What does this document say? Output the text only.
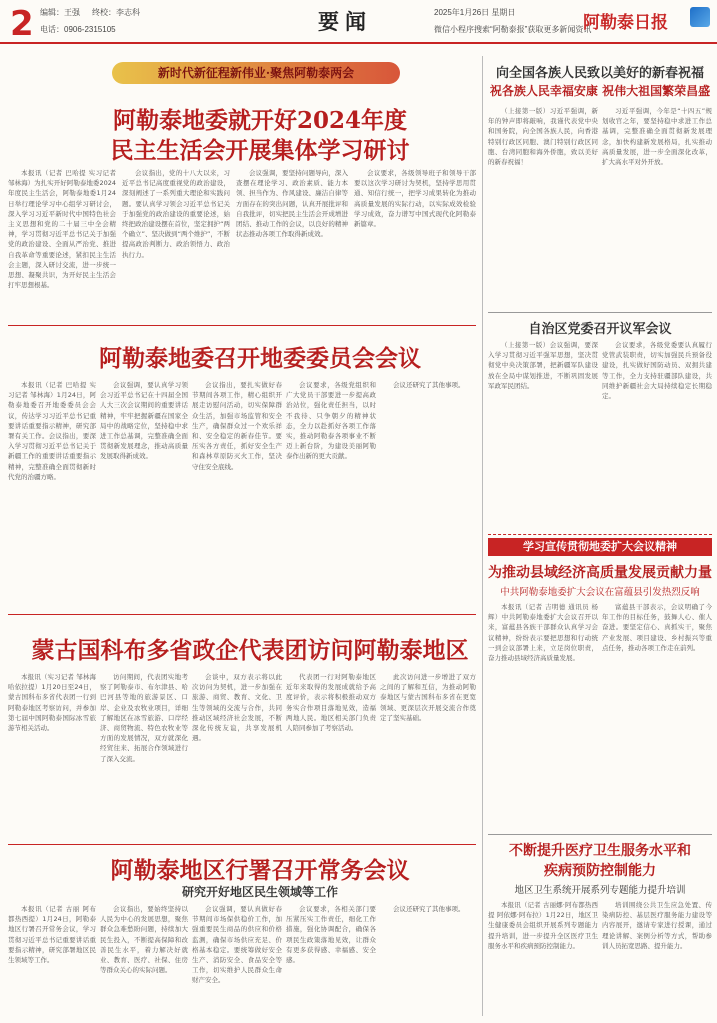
2 编辑：王强 终校：李志科
电话：0906-2315105	要闻	2025年1月26日 星期日
微信小程序搜索“阿勒泰报”获取更多新闻资讯
阿勒泰日报
新时代新征程新伟业·聚焦阿勒泰两会
阿勒泰地委就开好2024年度
民主生活会开展集体学习研讨
本报讯（记者 巴哈提 实习记者 邹林海）为扎实开好阿勒泰地委2024年度民主生活会，阿勒泰地委1月24日举行理论学习中心组学习研讨会，深入学习习近平新时代中国特色社会主义思想和党的二十届三中全会精神，学习贯彻习近平总书记关于加强党的政治建设、全面从严治党、推进自我革命等重要论述，紧扣民主生活会主题，深入研讨交流，进一步统一思想、凝聚共识，为开好民主生活会打牢思想根基。
会议指出，党的十八大以来，习近平总书记高度重视党的政治建设，深刻阐述了一系列重大理论和实践问题。要认真学习领会习近平总书记关于加强党的政治建设的重要论述，始终把政治建设摆在首位，坚定拥护“两个确立”、坚决做到“两个维护”，不断提高政治判断力、政治领悟力、政治执行力。
会议强调，要坚持问题导向，深入查摆在理论学习、政治素质、能力本领、担当作为、作风建设、廉洁自律等方面存在的突出问题，认真开展批评和自我批评，切实把民主生活会开成增进团结、推动工作的会议，以良好的精神状态推动各项工作取得新成效。
会议要求，各级领导班子和领导干部要以这次学习研讨为契机，坚持学思用贯通、知信行统一，把学习成果转化为推动高质量发展的实际行动，以实际成效检验学习成效，奋力谱写中国式现代化阿勒泰新篇章。
阿勒泰地委召开地委委员会会议
本报讯（记者 巴哈提 实习记者 邹林海）1月24日，阿勒泰地委召开地委委员会会议，传达学习习近平总书记重要讲话重要指示精神，研究部署有关工作。会议指出，要深入学习贯彻习近平总书记关于新疆工作的重要讲话重要指示精神，完整准确全面贯彻新时代党的治疆方略。
会议强调，要认真学习领会习近平总书记在十四届全国人大三次会议期间的重要讲话精神，牢牢把握新疆在国家全局中的战略定位，坚持稳中求进工作总基调，完整准确全面贯彻新发展理念，推动高质量发展取得新成效。
会议指出，要扎实做好春节期间各项工作，精心组织开展走访慰问活动，切实保障群众生活，加强市场监管和安全生产，确保群众过一个欢乐祥和、安全稳定的新春佳节。要压实各方责任，抓好安全生产和森林草原防灭火工作，坚决守住安全底线。
会议要求，各级党组织和广大党员干部要进一步提高政治站位，强化责任担当，以时不我待、只争朝夕的精神状态，全力以赴抓好各项工作落实，推动阿勒泰各项事业不断迈上新台阶，为建设美丽阿勒泰作出新的更大贡献。
会议还研究了其他事项。
蒙古国科布多省政企代表团访问阿勒泰地区
本报讯（实习记者 邹林海 哈依拉提）1月20日至24日，蒙古国科布多省代表团一行到阿勒泰地区考察访问，并参加第七届中国阿勒泰国际冰雪旅游节相关活动。
访问期间，代表团实地考察了阿勒泰市、布尔津县、哈巴河县等地的旅游景区、口岸、企业及农牧业项目，详细了解地区在冰雪旅游、口岸经济、商贸物流、特色农牧业等方面的发展情况，双方就深化经贸往来、拓展合作领域进行了深入交流。
会谈中，双方表示将以此次访问为契机，进一步加强在旅游、商贸、教育、文化、卫生等领域的交流与合作，共同推动区域经济社会发展，不断深化传统友谊，共享发展机遇。
代表团一行对阿勒泰地区近年来取得的发展成就给予高度评价，表示将积极推动双方务实合作项目落地见效，造福两地人民。地区相关部门负责人陪同参加了考察活动。
此次访问进一步增进了双方之间的了解和互信，为推动阿勒泰地区与蒙古国科布多省在更宽领域、更深层次开展交流合作奠定了坚实基础。
阿勒泰地区行署召开常务会议
研究开好地区民生领域等工作
本报讯（记者 古丽 阿布都热西提）1月24日，阿勒泰地区行署召开常务会议，学习贯彻习近平总书记重要讲话重要指示精神，研究部署地区民生领域等工作。
会议指出，要始终坚持以人民为中心的发展思想，聚焦群众急难愁盼问题，持续加大民生投入，不断提高保障和改善民生水平，着力解决好就业、教育、医疗、社保、住房等群众关心的实际问题。
会议强调，要认真做好春节期间市场保供稳价工作，加强重要民生商品的供应和价格监测，确保市场供应充足、价格基本稳定。要统筹做好安全生产、消防安全、食品安全等工作，切实维护人民群众生命财产安全。
会议要求，各相关部门要压紧压实工作责任，细化工作措施，强化协调配合，确保各项民生政策落地见效，让群众有更多获得感、幸福感、安全感。
会议还研究了其他事项。
向全国各族人民致以美好的新春祝福
祝各族人民幸福安康 祝伟大祖国繁荣昌盛
（上接第一版）习近平强调，新年的钟声即将敲响，我谨代表党中央和国务院，向全国各族人民，向香港特别行政区同胞、澳门特别行政区同胞、台湾同胞和海外侨胞，致以美好的新春祝福！
习近平强调，今年是“十四五”规划收官之年，要坚持稳中求进工作总基调，完整准确全面贯彻新发展理念，加快构建新发展格局，扎实推动高质量发展，进一步全面深化改革，扩大高水平对外开放。
自治区党委召开议军会议
（上接第一版）会议强调，要深入学习贯彻习近平强军思想，坚决贯彻党中央决策部署，把新疆军队建设放在全局中谋划推进，不断巩固发展军政军民团结。
会议要求，各级党委要认真履行党管武装职责，切实加强民兵预备役建设，扎实做好国防动员、双拥共建等工作，全力支持驻疆部队建设，共同维护新疆社会大局持续稳定长期稳定。
学习宣传贯彻地委扩大会议精神
为推动县域经济高质量发展贡献力量
中共阿勒泰地委扩大会议在富蕴县引发热烈反响
本报讯（记者 吉明德 通讯员 杨辉）中共阿勒泰地委扩大会议召开以来，富蕴县各族干部群众认真学习会议精神，纷纷表示要把思想和行动统一到会议部署上来，立足岗位职责，奋力推动县域经济高质量发展。
富蕴县干部表示，会议明确了今年工作的目标任务，鼓舞人心、催人奋进。要坚定信心、真抓实干，聚焦产业发展、项目建设、乡村振兴等重点任务，推动各项工作走在前列。
不断提升医疗卫生服务水平和
疾病预防控制能力
地区卫生系统开展系列专题能力提升培训
本报讯（记者 古丽娜·阿布都热西提 阿依娜·阿布拉）1月22日，地区卫生健康委员会组织开展系列专题能力提升培训，进一步提升全区医疗卫生服务水平和疾病预防控制能力。
培训围绕公共卫生应急处置、传染病防控、基层医疗服务能力建设等内容展开，邀请专家进行授课，通过理论讲解、案例分析等方式，帮助参训人员拓宽思路、提升能力。
